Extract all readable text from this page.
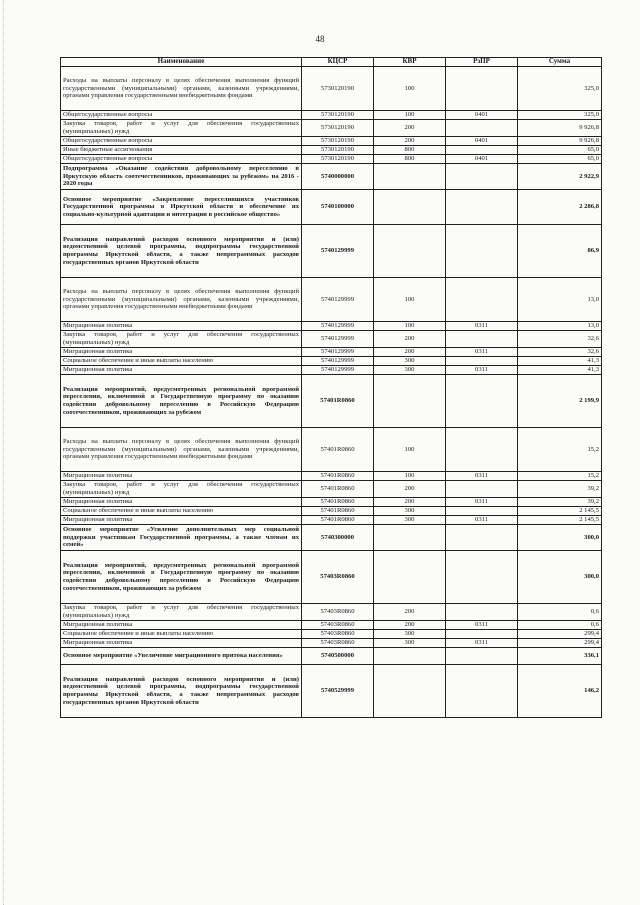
48
Наименование	КЦСР	КВР	РзПР	Сумма
Расходы на выплаты персоналу в целях обеспечения выполнения функций государственными (муниципальными) органами, казенными учреждениями, органами управления государственными внебюджетными фондами	5730120190	100		325,0
Общегосударственные вопросы	5730120190	100	0401	325,0
Закупка товаров, работ и услуг для обеспечения государственных (муниципальных) нужд	5730120190	200		9 926,8
Общегосударственные вопросы	5730120190	200	0401	9 926,8
Иные бюджетные ассигнования	5730120190	800		65,0
Общегосударственные вопросы	5730120190	800	0401	65,0
Подпрограмма «Оказание содействия добровольному переселению в Иркутскую область соотечественников, проживающих за рубежом» на 2016 - 2020 годы	5740000000			2 922,9
Основное мероприятие «Закрепление переселившихся участников Государственной программы в Иркутской области и обеспечение их социально-культурной адаптации и интеграции в российское общество»	5740100000			2 286,8
Реализация направлений расходов основного мероприятия и (или) ведомственной целевой программы, подпрограммы государственной программы Иркутской области, а также непрограммных расходов государственных органов Иркутской области	5740129999			86,9
Расходы на выплаты персоналу в целях обеспечения выполнения функций государственными (муниципальными) органами, казенными учреждениями, органами управления государственными внебюджетными фондами	5740129999	100		13,0
Миграционная политика	5740129999	100	0311	13,0
Закупка товаров, работ и услуг для обеспечения государственных (муниципальных) нужд	5740129999	200		32,6
Миграционная политика	5740129999	200	0311	32,6
Социальное обеспечение и иные выплаты населению	5740129999	300		41,3
Миграционная политика	5740129999	300	0311	41,3
Реализация мероприятий, предусмотренных региональной программой переселения, включенной в Государственную программу по оказанию содействия добровольному переселению в Российскую Федерацию соотечественников, проживающих за рубежом	57401R0860			2 199,9
Расходы на выплаты персоналу в целях обеспечения выполнения функций государственными (муниципальными) органами, казенными учреждениями, органами управления государственными внебюджетными фондами	57401R0860	100		15,2
Миграционная политика	57401R0860	100	0311	15,2
Закупка товаров, работ и услуг для обеспечения государственных (муниципальных) нужд	57401R0860	200		39,2
Миграционная политика	57401R0860	200	0311	39,2
Социальное обеспечение и иные выплаты населению	57401R0860	300		2 145,5
Миграционная политика	57401R0860	300	0311	2 145,5
Основное мероприятие «Усиление дополнительных мер социальной поддержки участникам Государственной программы, а также членам их семей»	5740300000			300,0
Реализация мероприятий, предусмотренных региональной программой переселения, включенной в Государственную программу по оказанию содействия добровольному переселению в Российскую Федерацию соотечественников, проживающих за рубежом	57403R0860			300,0
Закупка товаров, работ и услуг для обеспечения государственных (муниципальных) нужд	57403R0860	200		0,6
Миграционная политика	57403R0860	200	0311	0,6
Социальное обеспечение и иные выплаты населению	57403R0860	300		299,4
Миграционная политика	57403R0860	300	0311	299,4
Основное мероприятие «Увеличение миграционного притока населения»	5740500000			336,1
Реализация направлений расходов основного мероприятия и (или) ведомственной целевой программы, подпрограммы государственной программы Иркутской области, а также непрограммных расходов государственных органов Иркутской области	5740529999			146,2
